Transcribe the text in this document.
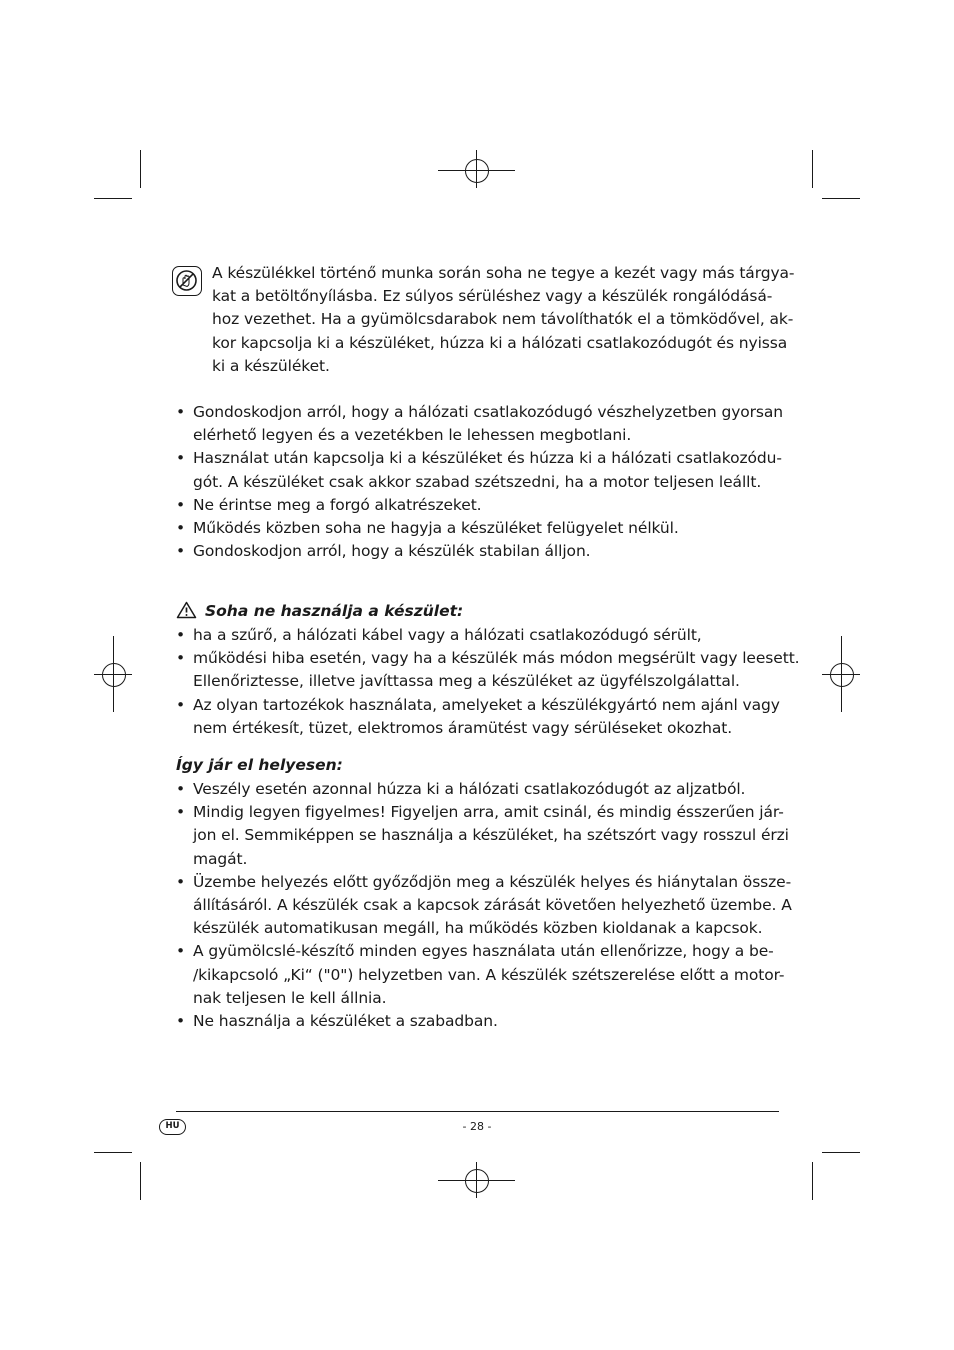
A készülékkel történő munka során soha ne tegye a kezét vagy más tárgya-
kat a betöltőnyílásba. Ez súlyos sérüléshez vagy a készülék rongálódásá-
hoz vezethet. Ha a gyümölcsdarabok nem távolíthatók el a tömködővel, ak-
kor kapcsolja ki a készüléket, húzza ki a hálózati csatlakozódugót és nyissa
ki a készüléket.
• Gondoskodjon arról, hogy a hálózati csatlakozódugó vészhelyzetben gyorsan
elérhető legyen és a vezetékben le lehessen megbotlani.
• Használat után kapcsolja ki a készüléket és húzza ki a hálózati csatlakozódu-
gót. A készüléket csak akkor szabad szétszedni, ha a motor teljesen leállt.
• Ne érintse meg a forgó alkatrészeket.
• Működés közben soha ne hagyja a készüléket felügyelet nélkül.
• Gondoskodjon arról, hogy a készülék stabilan álljon.
Soha ne használja a készület:
• ha a szűrő, a hálózati kábel vagy a hálózati csatlakozódugó sérült,
• működési hiba esetén, vagy ha a készülék más módon megsérült vagy leesett.
Ellenőriztesse, illetve javíttassa meg a készüléket az ügyfélszolgálattal.
• Az olyan tartozékok használata, amelyeket a készülékgyártó nem ajánl vagy
nem értékesít, tüzet, elektromos áramütést vagy sérüléseket okozhat.
Így jár el helyesen:
• Veszély esetén azonnal húzza ki a hálózati csatlakozódugót az aljzatból.
• Mindig legyen figyelmes! Figyeljen arra, amit csinál, és mindig ésszerűen jár-
jon el. Semmiképpen se használja a készüléket, ha szétszórt vagy rosszul érzi
magát.
• Üzembe helyezés előtt győződjön meg a készülék helyes és hiánytalan össze-
állításáról. A készülék csak a kapcsok zárását követően helyezhető üzembe. A
készülék automatikusan megáll, ha működés közben kioldanak a kapcsok.
• A gyümölcslé-készítő minden egyes használata után ellenőrizze, hogy a be-
/kikapcsoló „Ki“ ("0") helyzetben van. A készülék szétszerelése előtt a motor-
nak teljesen le kell állnia.
• Ne használja a készüléket a szabadban.
HU	- 28 -
